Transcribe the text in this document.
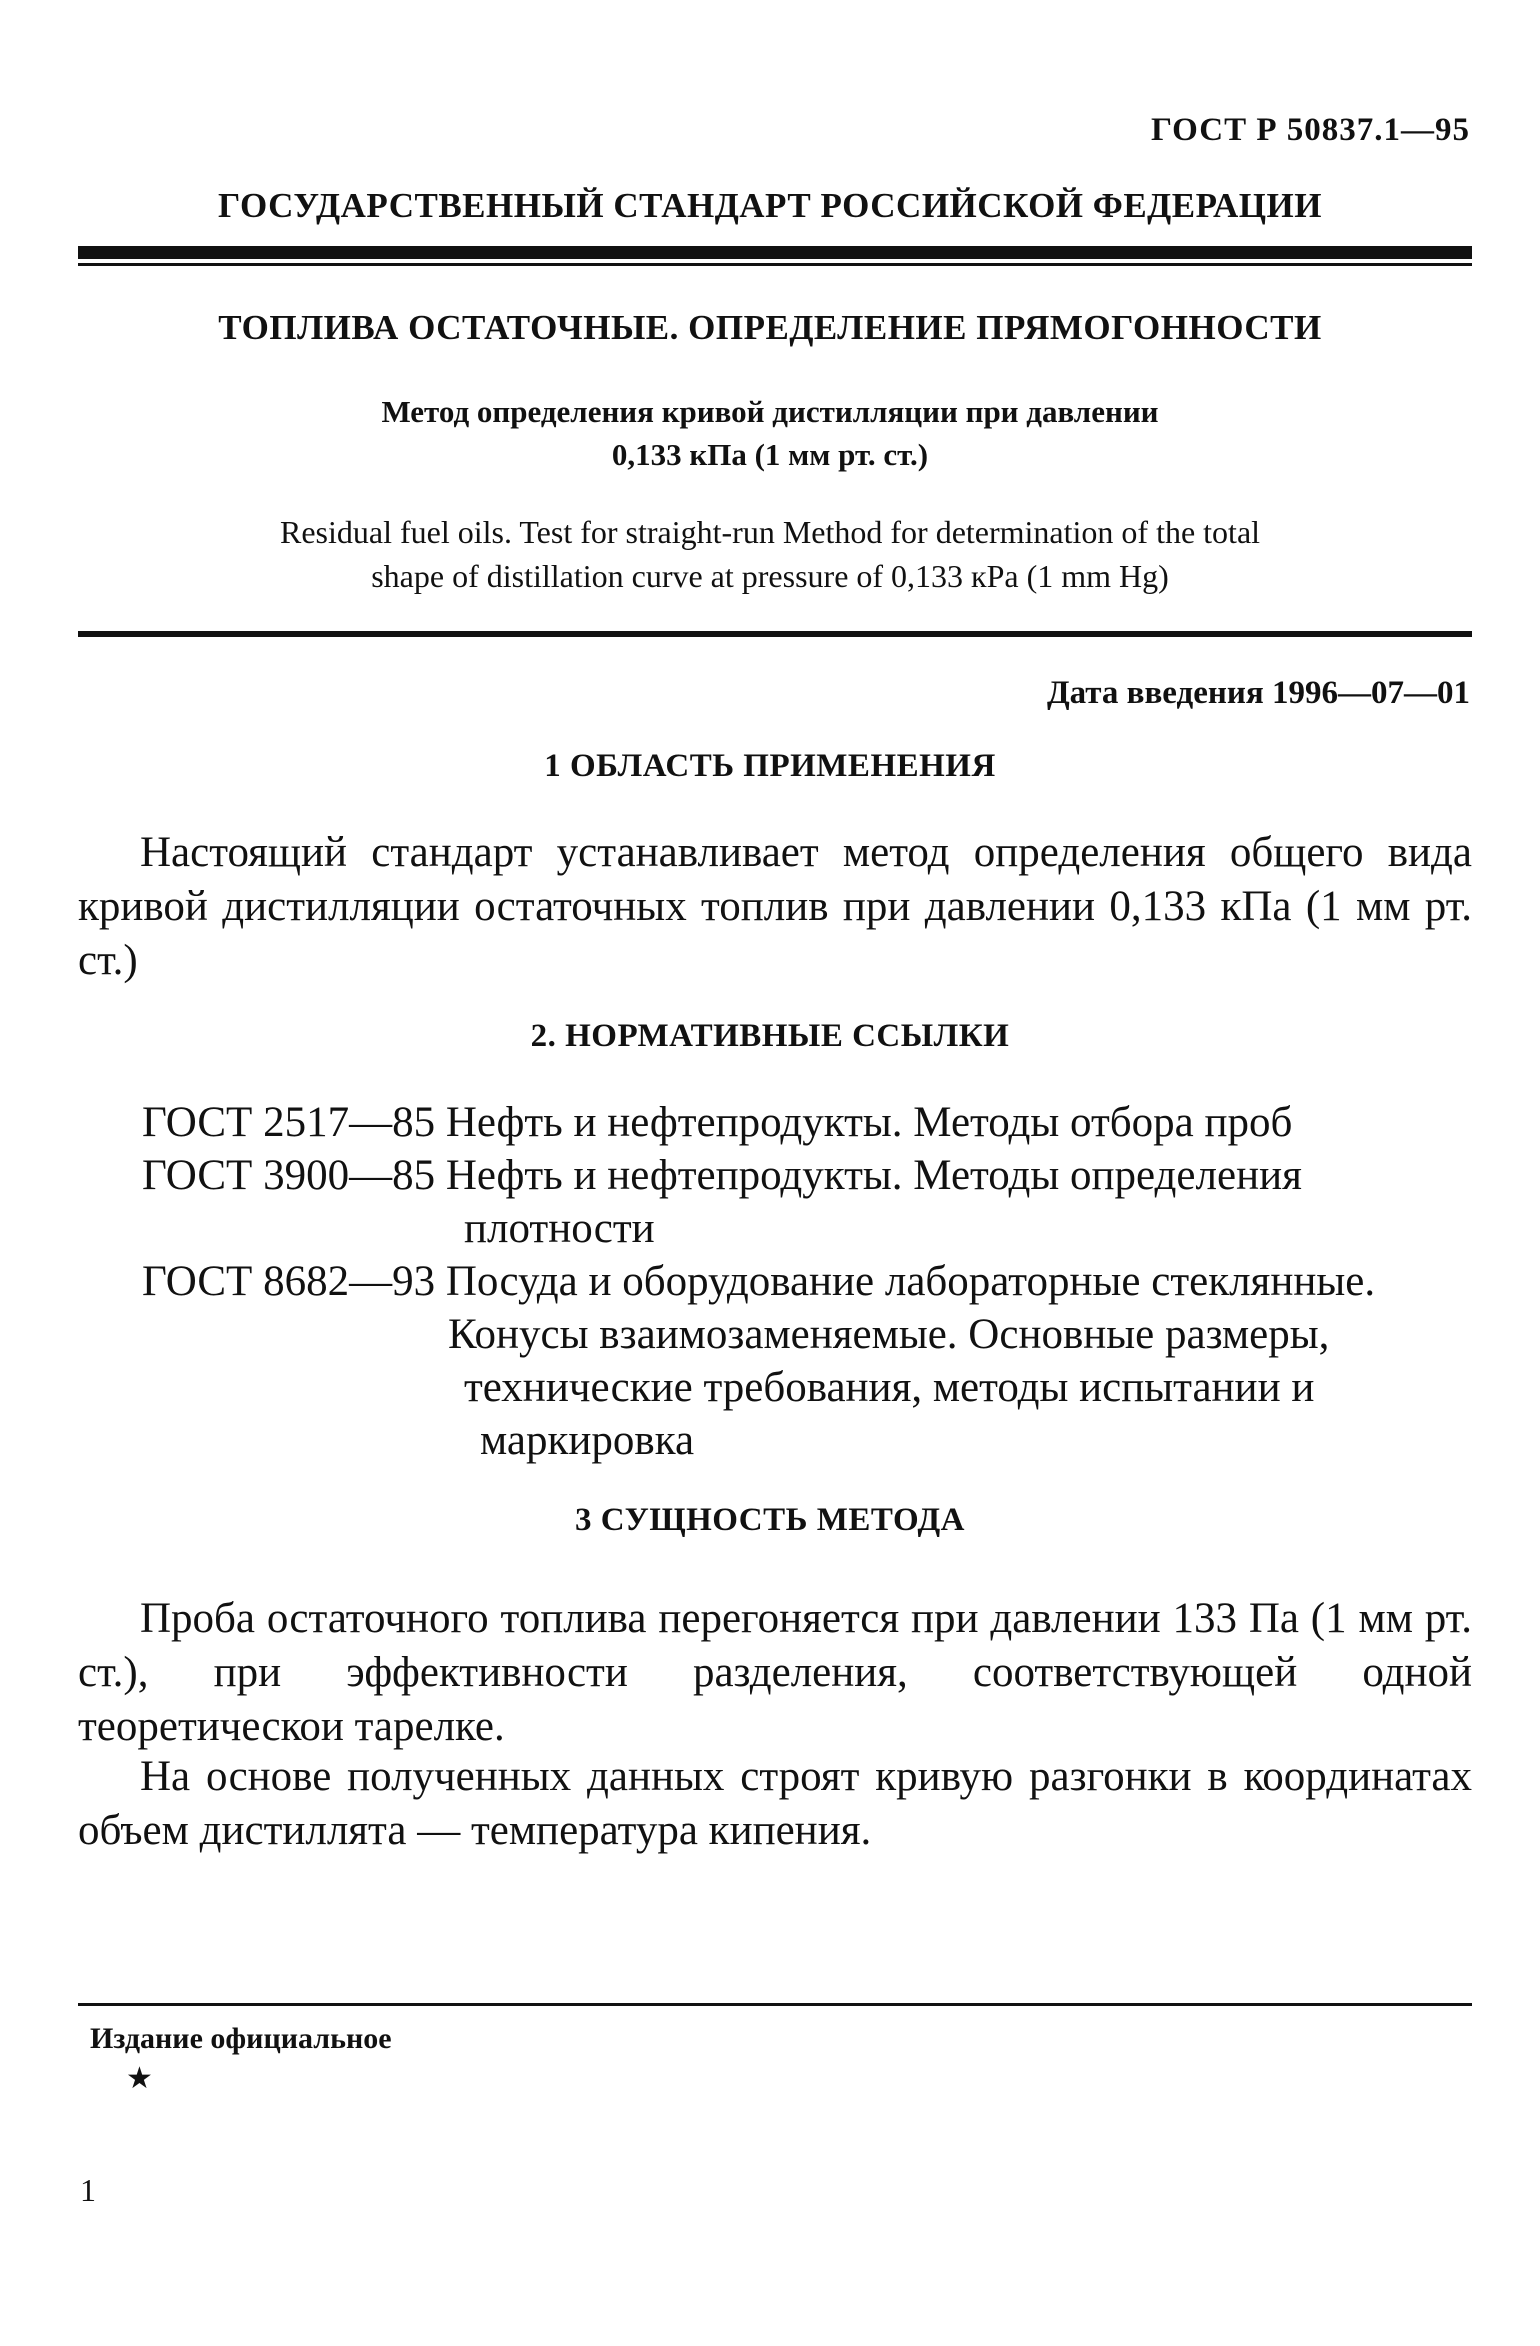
ГОСТ Р 50837.1—95
ГОСУДАРСТВЕННЫЙ СТАНДАРТ РОССИЙСКОЙ ФЕДЕРАЦИИ
ТОПЛИВА ОСТАТОЧНЫЕ. ОПРЕДЕЛЕНИЕ ПРЯМОГОННОСТИ
Метод определения кривой дистилляции при давлении
0,133 кПа (1 мм рт. ст.)
Residual fuel oils. Test for straight-run Method for determination of the total
shape of distillation curve at pressure of 0,133 кPa (1 mm Hg)
Дата введения 1996—07—01
1 ОБЛАСТЬ ПРИМЕНЕНИЯ
Настоящий стандарт устанавливает метод определения общего вида кривой дистилляции остаточных топлив при давлении 0,133 кПа (1 мм рт. ст.)
2. НОРМАТИВНЫЕ ССЫЛКИ
ГОСТ 2517—85 Нефть и нефтепродукты. Методы отбора проб
ГОСТ 3900—85 Нефть и нефтепродукты. Методы определения
плотности
ГОСТ 8682—93 Посуда и оборудование лабораторные стеклянные.
Конусы взаимозаменяемые. Основные размеры,
технические требования, методы испытании и
маркировка
3 СУЩНОСТЬ МЕТОДА
Проба остаточного топлива перегоняется при давлении 133 Па (1 мм рт. ст.), при эффективности разделения, соответствующей одной теоретическои тарелке.
На основе полученных данных строят кривую разгонки в координатах объем дистиллята — температура кипения.
Издание официальное
★
1
